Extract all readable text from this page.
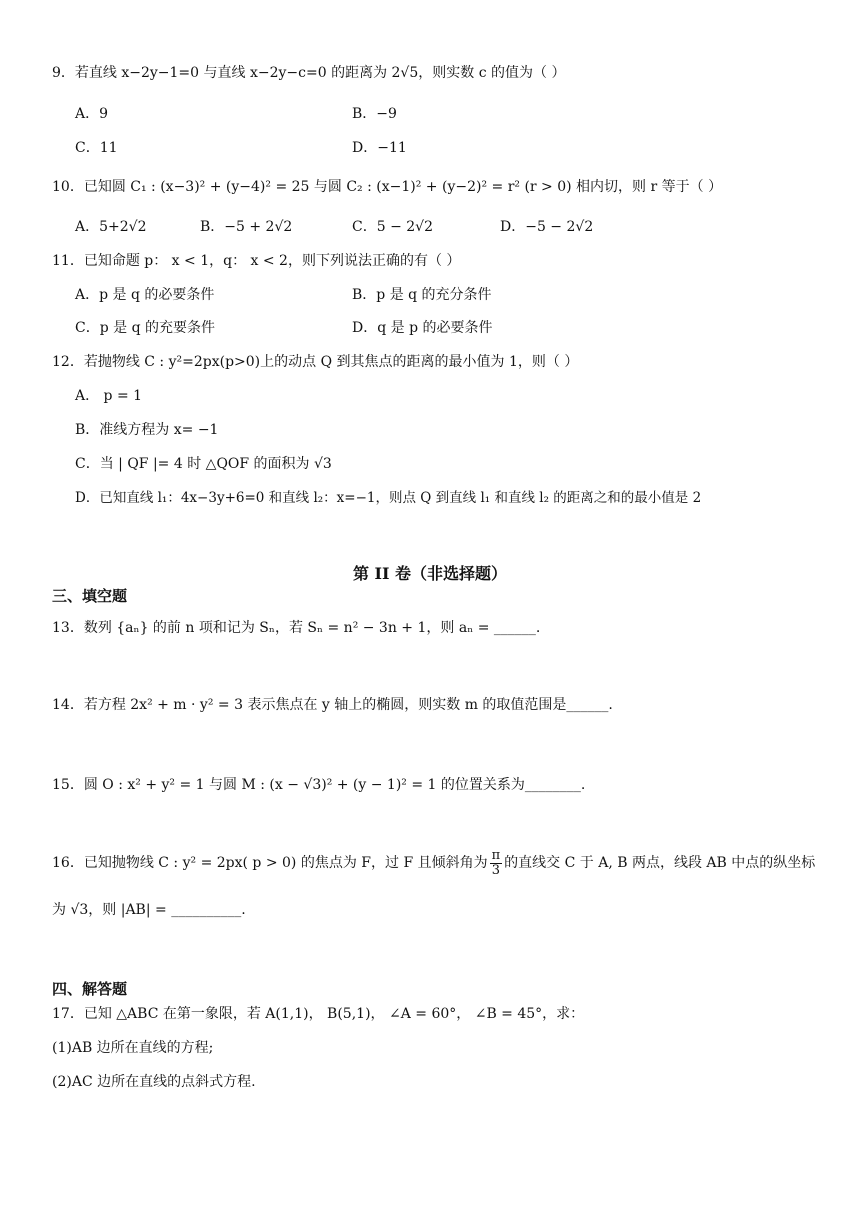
9．若直线 x−2y−1=0 与直线 x−2y−c=0 的距离为 2√5，则实数 c 的值为（ ）
A．9	B．−9
C．11	D．−11
10．已知圆 C₁ : (x−3)² + (y−4)² = 25 与圆 C₂ : (x−1)² + (y−2)² = r² (r > 0) 相内切，则 r 等于（ ）
A．5+2√2	B．−5 + 2√2	C．5 − 2√2	D．−5 − 2√2
11．已知命题 p： x < 1，q： x < 2，则下列说法正确的有（ ）
A．p 是 q 的必要条件	B．p 是 q 的充分条件
C．p 是 q 的充要条件	D．q 是 p 的必要条件
12．若抛物线 C : y²=2px(p>0)上的动点 Q 到其焦点的距离的最小值为 1，则（ ）
A． p = 1
B．准线方程为 x= −1
C．当 | QF |= 4 时 △QOF 的面积为 √3
D．已知直线 l₁：4x−3y+6=0 和直线 l₂：x=−1，则点 Q 到直线 l₁ 和直线 l₂ 的距离之和的最小值是 2
第 II 卷（非选择题）
三、填空题
13．数列 {aₙ} 的前 n 项和记为 Sₙ，若 Sₙ = n² − 3n + 1，则 aₙ = ______.
14．若方程 2x² + m · y² = 3 表示焦点在 y 轴上的椭圆，则实数 m 的取值范围是______.
15．圆 O : x² + y² = 1 与圆 M : (x − √3)² + (y − 1)² = 1 的位置关系为________.
16．已知抛物线 C : y² = 2px( p > 0) 的焦点为 F，过 F 且倾斜角为 $\frac{\pi}{3}$ 的直线交 C 于 A, B 两点，线段 AB 中点的纵坐标
为 √3，则 |AB| = __________.
四、解答题
17．已知 △ABC 在第一象限，若 A(1,1)， B(5,1)， ∠A = 60°， ∠B = 45°，求：
(1)AB 边所在直线的方程;
(2)AC 边所在直线的点斜式方程.
